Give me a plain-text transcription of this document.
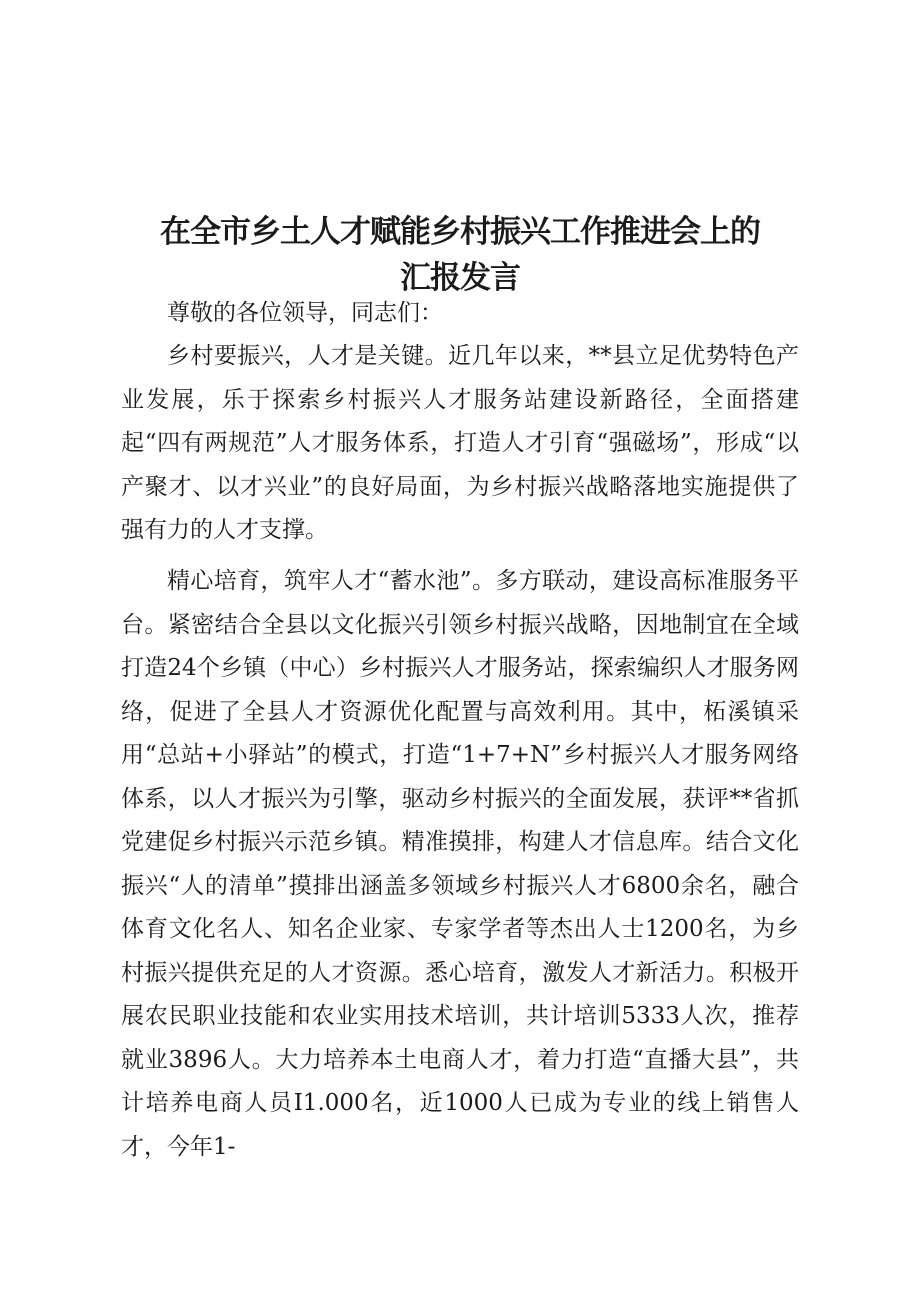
在全市乡土人才赋能乡村振兴工作推进会上的
汇报发言

尊敬的各位领导，同志们：

乡村要振兴，人才是关键。近几年以来，**县立足优势特色产业发展，乐于探索乡村振兴人才服务站建设新路径，全面搭建起“四有两规范”人才服务体系，打造人才引育“强磁场”，形成“以产聚才、以才兴业”的良好局面，为乡村振兴战略落地实施提供了强有力的人才支撑。

精心培育，筑牢人才“蓄水池”。多方联动，建设高标准服务平台。紧密结合全县以文化振兴引领乡村振兴战略，因地制宜在全域打造24个乡镇（中心）乡村振兴人才服务站，探索编织人才服务网络，促进了全县人才资源优化配置与高效利用。其中，柘溪镇采用“总站+小驿站”的模式，打造“1+7+N”乡村振兴人才服务网络体系，以人才振兴为引擎，驱动乡村振兴的全面发展，获评**省抓党建促乡村振兴示范乡镇。精准摸排，构建人才信息库。结合文化振兴“人的清单”摸排出涵盖多领域乡村振兴人才6800余名，融合体育文化名人、知名企业家、专家学者等杰出人士1200名，为乡村振兴提供充足的人才资源。悉心培育，激发人才新活力。积极开展农民职业技能和农业实用技术培训，共计培训5333人次，推荐就业3896人。大力培养本土电商人才，着力打造“直播大县”，共计培养电商人员I1.000名，近1000人已成为专业的线上销售人才，今年1-
